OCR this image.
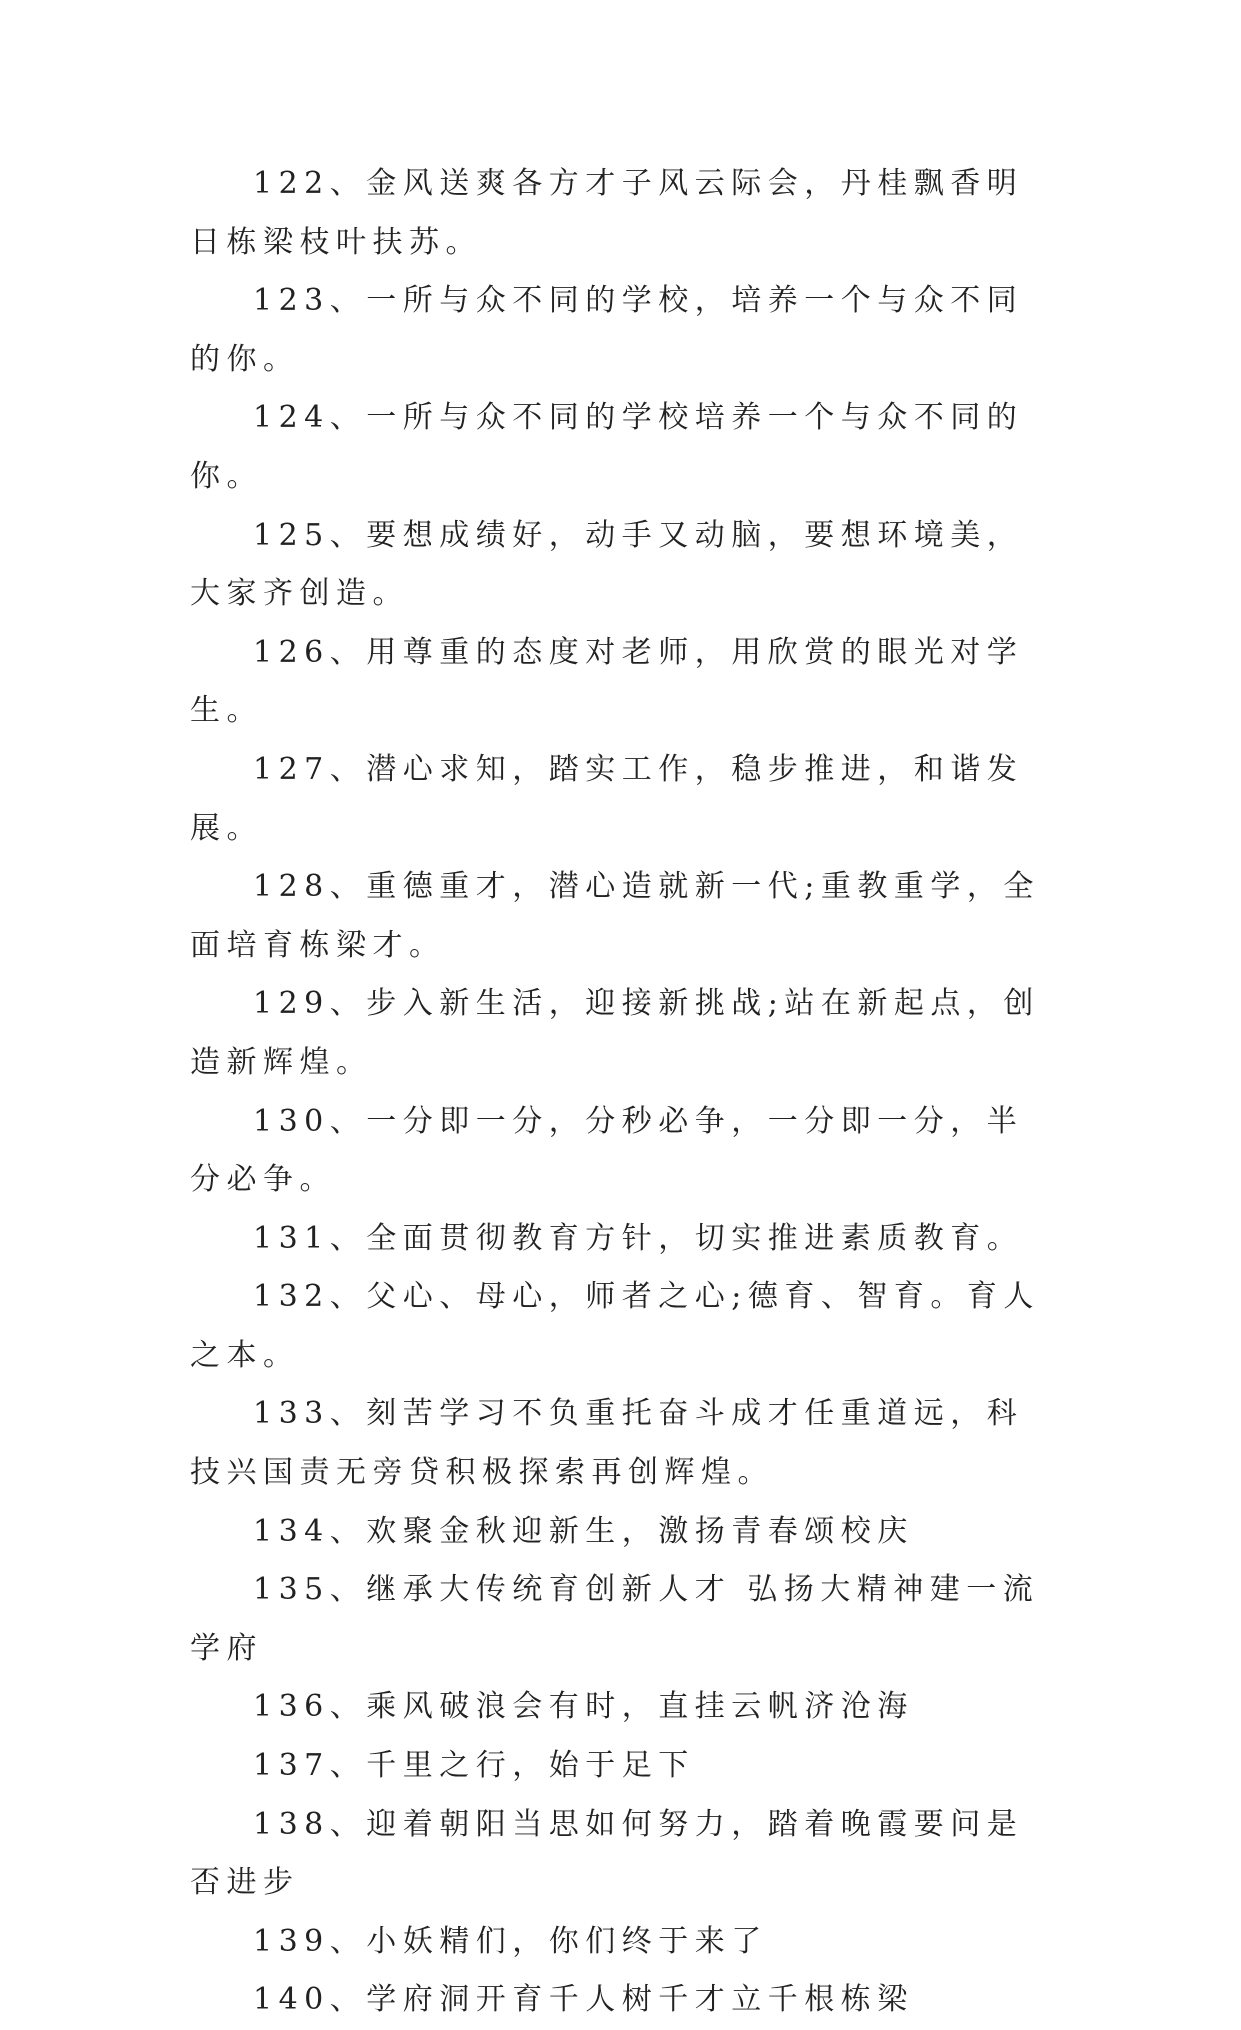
122、金风送爽各方才子风云际会，丹桂飘香明日栋梁枝叶扶苏。

123、一所与众不同的学校，培养一个与众不同的你。

124、一所与众不同的学校培养一个与众不同的你。

125、要想成绩好，动手又动脑，要想环境美，大家齐创造。

126、用尊重的态度对老师，用欣赏的眼光对学生。

127、潜心求知，踏实工作，稳步推进，和谐发展。

128、重德重才，潜心造就新一代;重教重学，全面培育栋梁才。

129、步入新生活，迎接新挑战;站在新起点，创造新辉煌。

130、一分即一分，分秒必争，一分即一分，半分必争。

131、全面贯彻教育方针，切实推进素质教育。

132、父心、母心，师者之心;德育、智育。育人之本。

133、刻苦学习不负重托奋斗成才任重道远，科技兴国责无旁贷积极探索再创辉煌。

134、欢聚金秋迎新生，激扬青春颂校庆

135、继承大传统育创新人才 弘扬大精神建一流学府

136、乘风破浪会有时，直挂云帆济沧海

137、千里之行，始于足下

138、迎着朝阳当思如何努力，踏着晚霞要问是否进步

139、小妖精们，你们终于来了

140、学府洞开育千人树千才立千根栋梁
